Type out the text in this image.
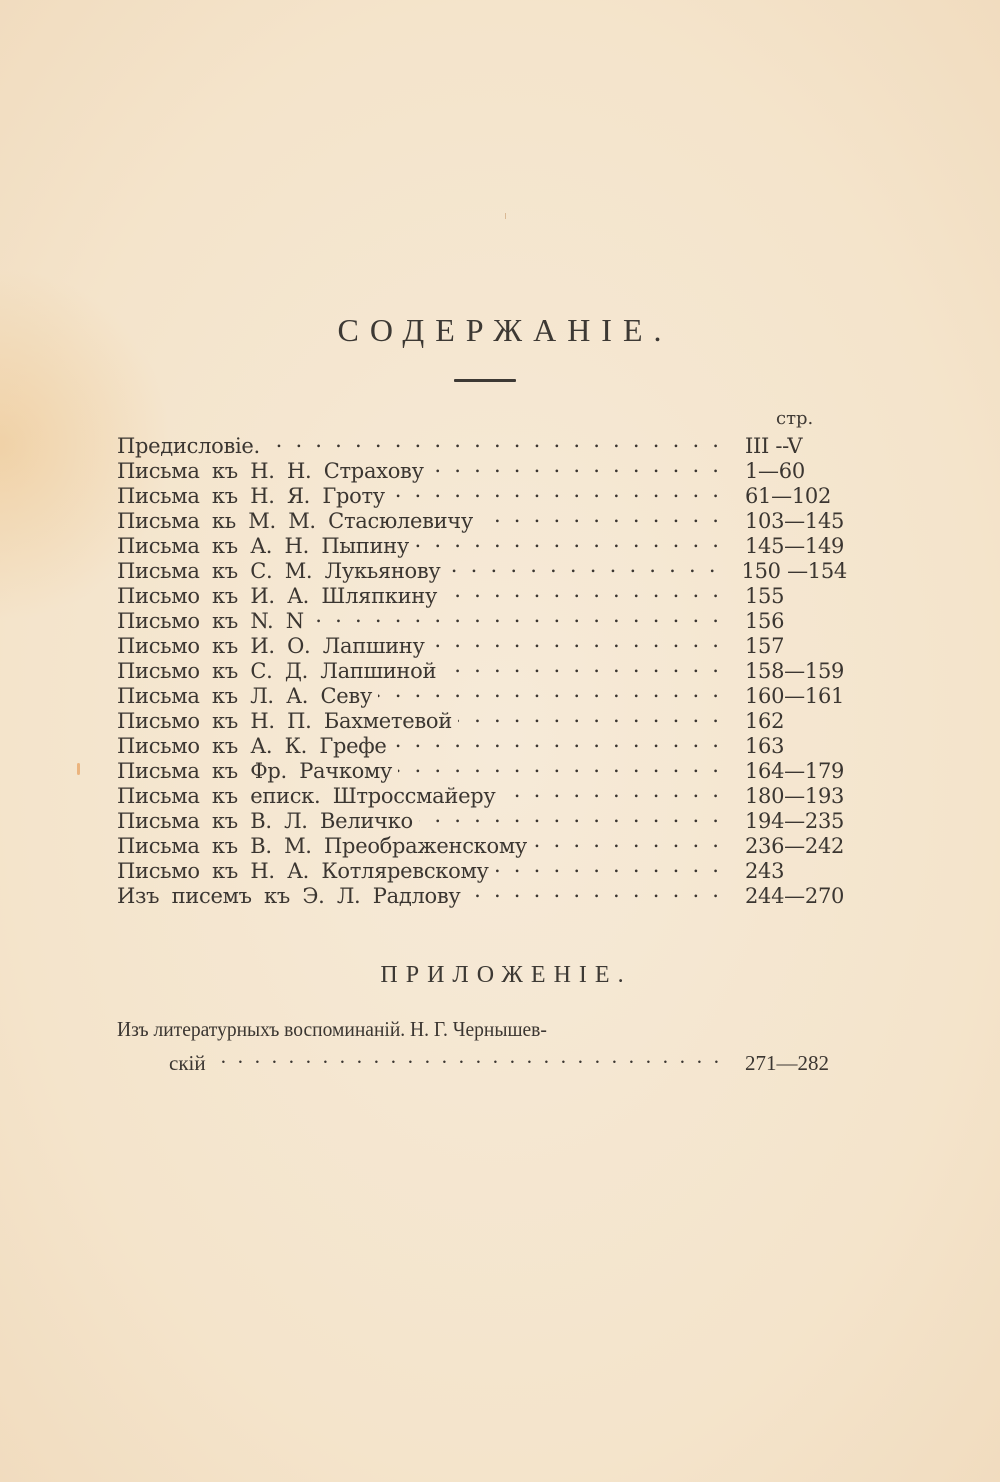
СОДЕРЖАНІЕ.
стр.
Предисловіе. . . .	III --V
Письма къ Н. Н. Страхову . . .	1—60
Письма къ Н. Я. Гроту . . .	61—102
Письма кь М. М. Стасюлевичу . . .	103—145
Письма къ А. Н. Пыпину . . .	145—149
Письма къ С. М. Лукьянову . . .	150 —154
Письмо къ И. А. Шляпкину . . .	155
Письмо къ N. N . . .	156
Письмо къ И. О. Лапшину . . .	157
Письмо къ С. Д. Лапшиной . . .	158—159
Письма къ Л. А. Севу . . .	160—161
Письмо къ Н. П. Бахметевой . . .	162
Письмо къ А. К. Грефе . . .	163
Письма къ Фр. Рачкому . . .	164—179
Письма къ еписк. Штроссмайеру . . .	180—193
Письма къ В. Л. Величко . . .	194—235
Письма къ В. М. Преображенскому . . .	236—242
Письмо къ Н. А. Котляревскому . . .	243
Изъ писемъ къ Э. Л. Радлову . . .	244—270
ПРИЛОЖЕНІЕ.
Изъ литературныхъ воспоминаній. Н. Г. Чернышев-
скій . . .	271—282
